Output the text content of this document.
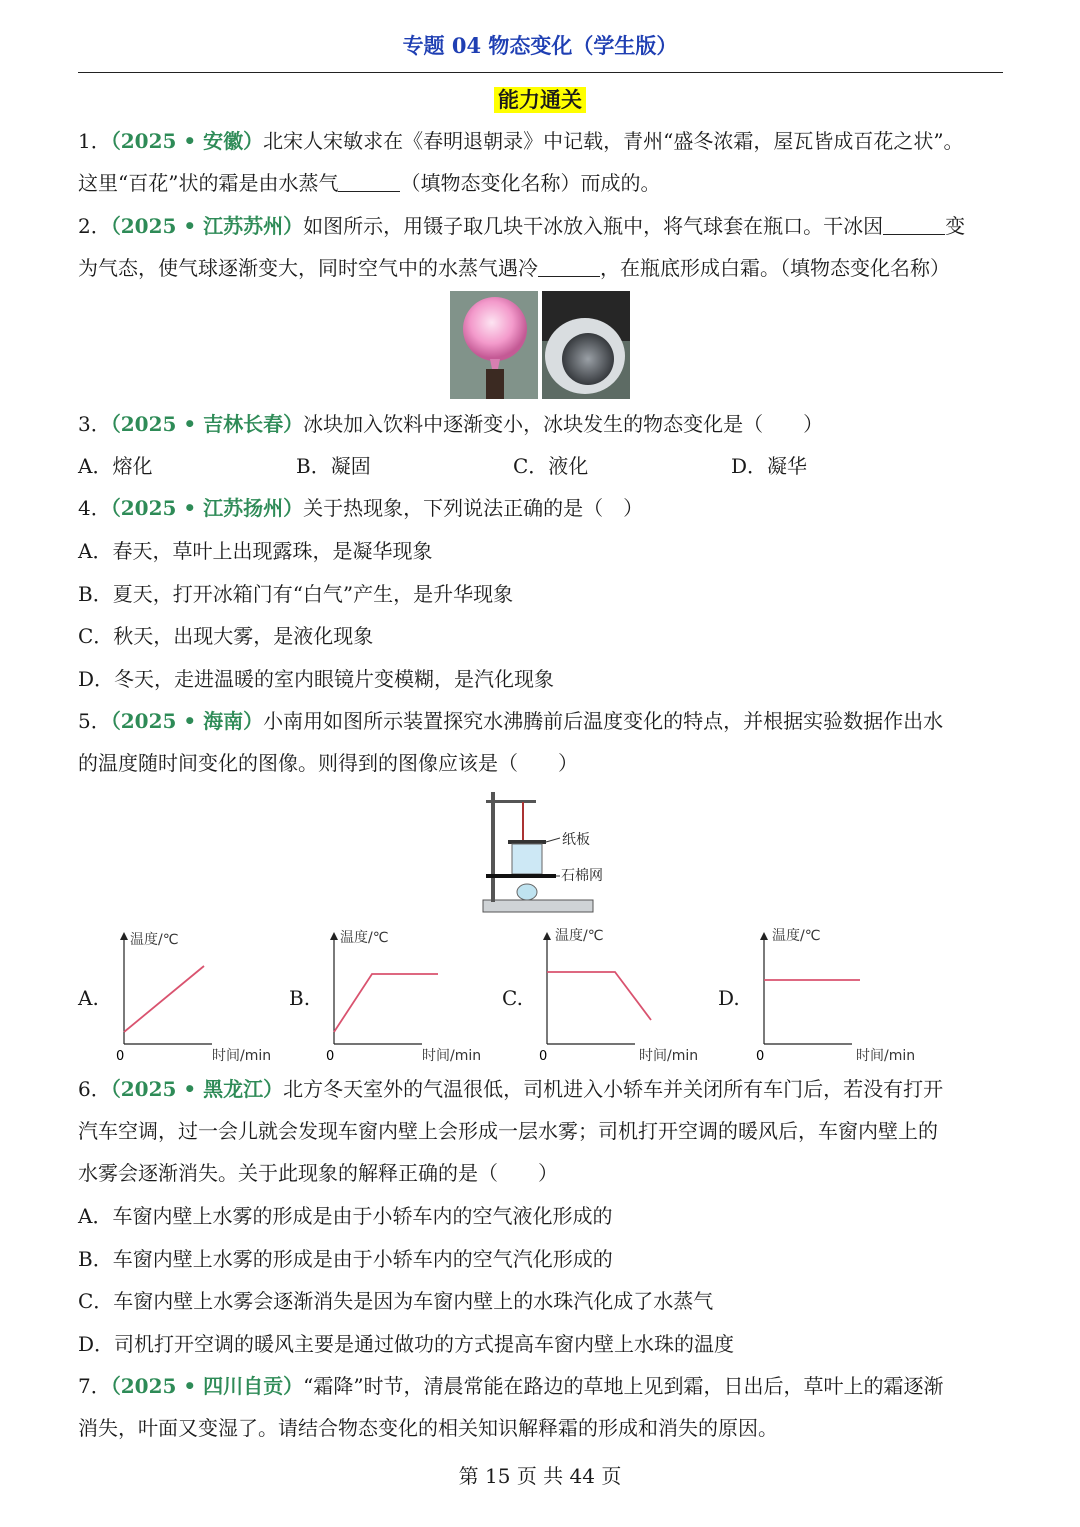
专题 04 物态变化（学生版）
能力通关
1．（2025 • 安徽）北宋人宋敏求在《春明退朝录》中记载，青州“盛冬浓霜，屋瓦皆成百花之状”。
这里“百花”状的霜是由水蒸气	（填物态变化名称）而成的。
2．（2025 • 江苏苏州）如图所示，用镊子取几块干冰放入瓶中，将气球套在瓶口。干冰因	变
为气态，使气球逐渐变大，同时空气中的水蒸气遇冷	，在瓶底形成白霜。（填物态变化名称）
3．（2025 • 吉林长春）冰块加入饮料中逐渐变小，冰块发生的物态变化是（　　）
A．熔化	B．凝固	C．液化	D．凝华
4．（2025 • 江苏扬州）关于热现象，下列说法正确的是（　）
A．春天，草叶上出现露珠，是凝华现象
B．夏天，打开冰箱门有“白气”产生，是升华现象
C．秋天，出现大雾，是液化现象
D．冬天，走进温暖的室内眼镜片变模糊，是汽化现象
5．（2025 • 海南）小南用如图所示装置探究水沸腾前后温度变化的特点，并根据实验数据作出水
的温度随时间变化的图像。则得到的图像应该是（　　）
纸板
石棉网
A.	B.	C.	D.
温度/℃
0	时间/min
温度/℃
0	时间/min
温度/℃
0	时间/min
温度/℃
0	时间/min
6．（2025 • 黑龙江）北方冬天室外的气温很低，司机进入小轿车并关闭所有车门后，若没有打开
汽车空调，过一会儿就会发现车窗内壁上会形成一层水雾；司机打开空调的暖风后，车窗内壁上的
水雾会逐渐消失。关于此现象的解释正确的是（　　）
A．车窗内壁上水雾的形成是由于小轿车内的空气液化形成的
B．车窗内壁上水雾的形成是由于小轿车内的空气汽化形成的
C．车窗内壁上水雾会逐渐消失是因为车窗内壁上的水珠汽化成了水蒸气
D．司机打开空调的暖风主要是通过做功的方式提高车窗内壁上水珠的温度
7．（2025 • 四川自贡）“霜降”时节，清晨常能在路边的草地上见到霜，日出后，草叶上的霜逐渐
消失，叶面又变湿了。请结合物态变化的相关知识解释霜的形成和消失的原因。
第 15 页 共 44 页
